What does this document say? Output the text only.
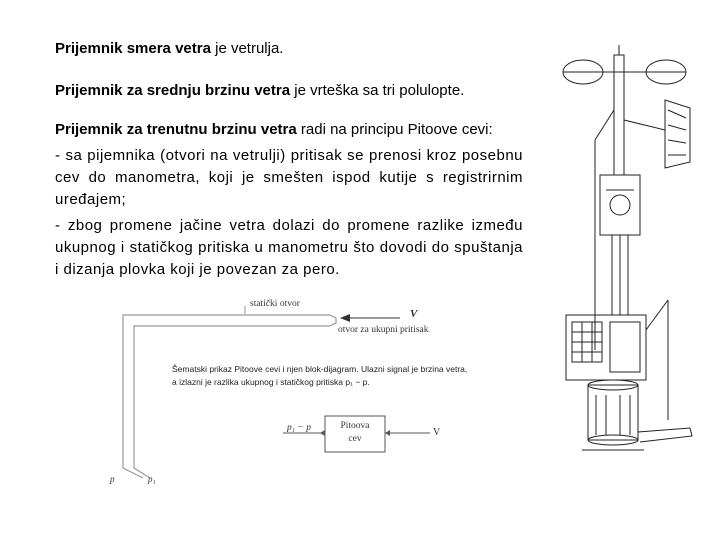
Prijemnik smera vetra je vetrulja.

Prijemnik za srednju brzinu vetra je vrteška sa tri polulopte.

Prijemnik za trenutnu brzinu vetra radi na principu Pitoove cevi:

- sa pijemnika (otvori na vetrulji) pritisak se prenosi kroz posebnu cev do manometra, koji je smešten ispod kutije s registrirnim uređajem;

- zbog promene jačine vetra dolazi do promene razlike između ukupnog i statičkog pritiska u manometru što dovodi do spuštanja i dizanja plovka koji je povezan za pero.

statički otvor
otvor za ukupni pritisak
V
Šematski prikaz Pitoove cevi i njen blok-dijagram. Ulazni signal je brzina vetra, a izlazni je razlika ukupnog i statičkog pritiska p₁ − p.
p	p₁
p₁ − p	Pitoova
cev
V
